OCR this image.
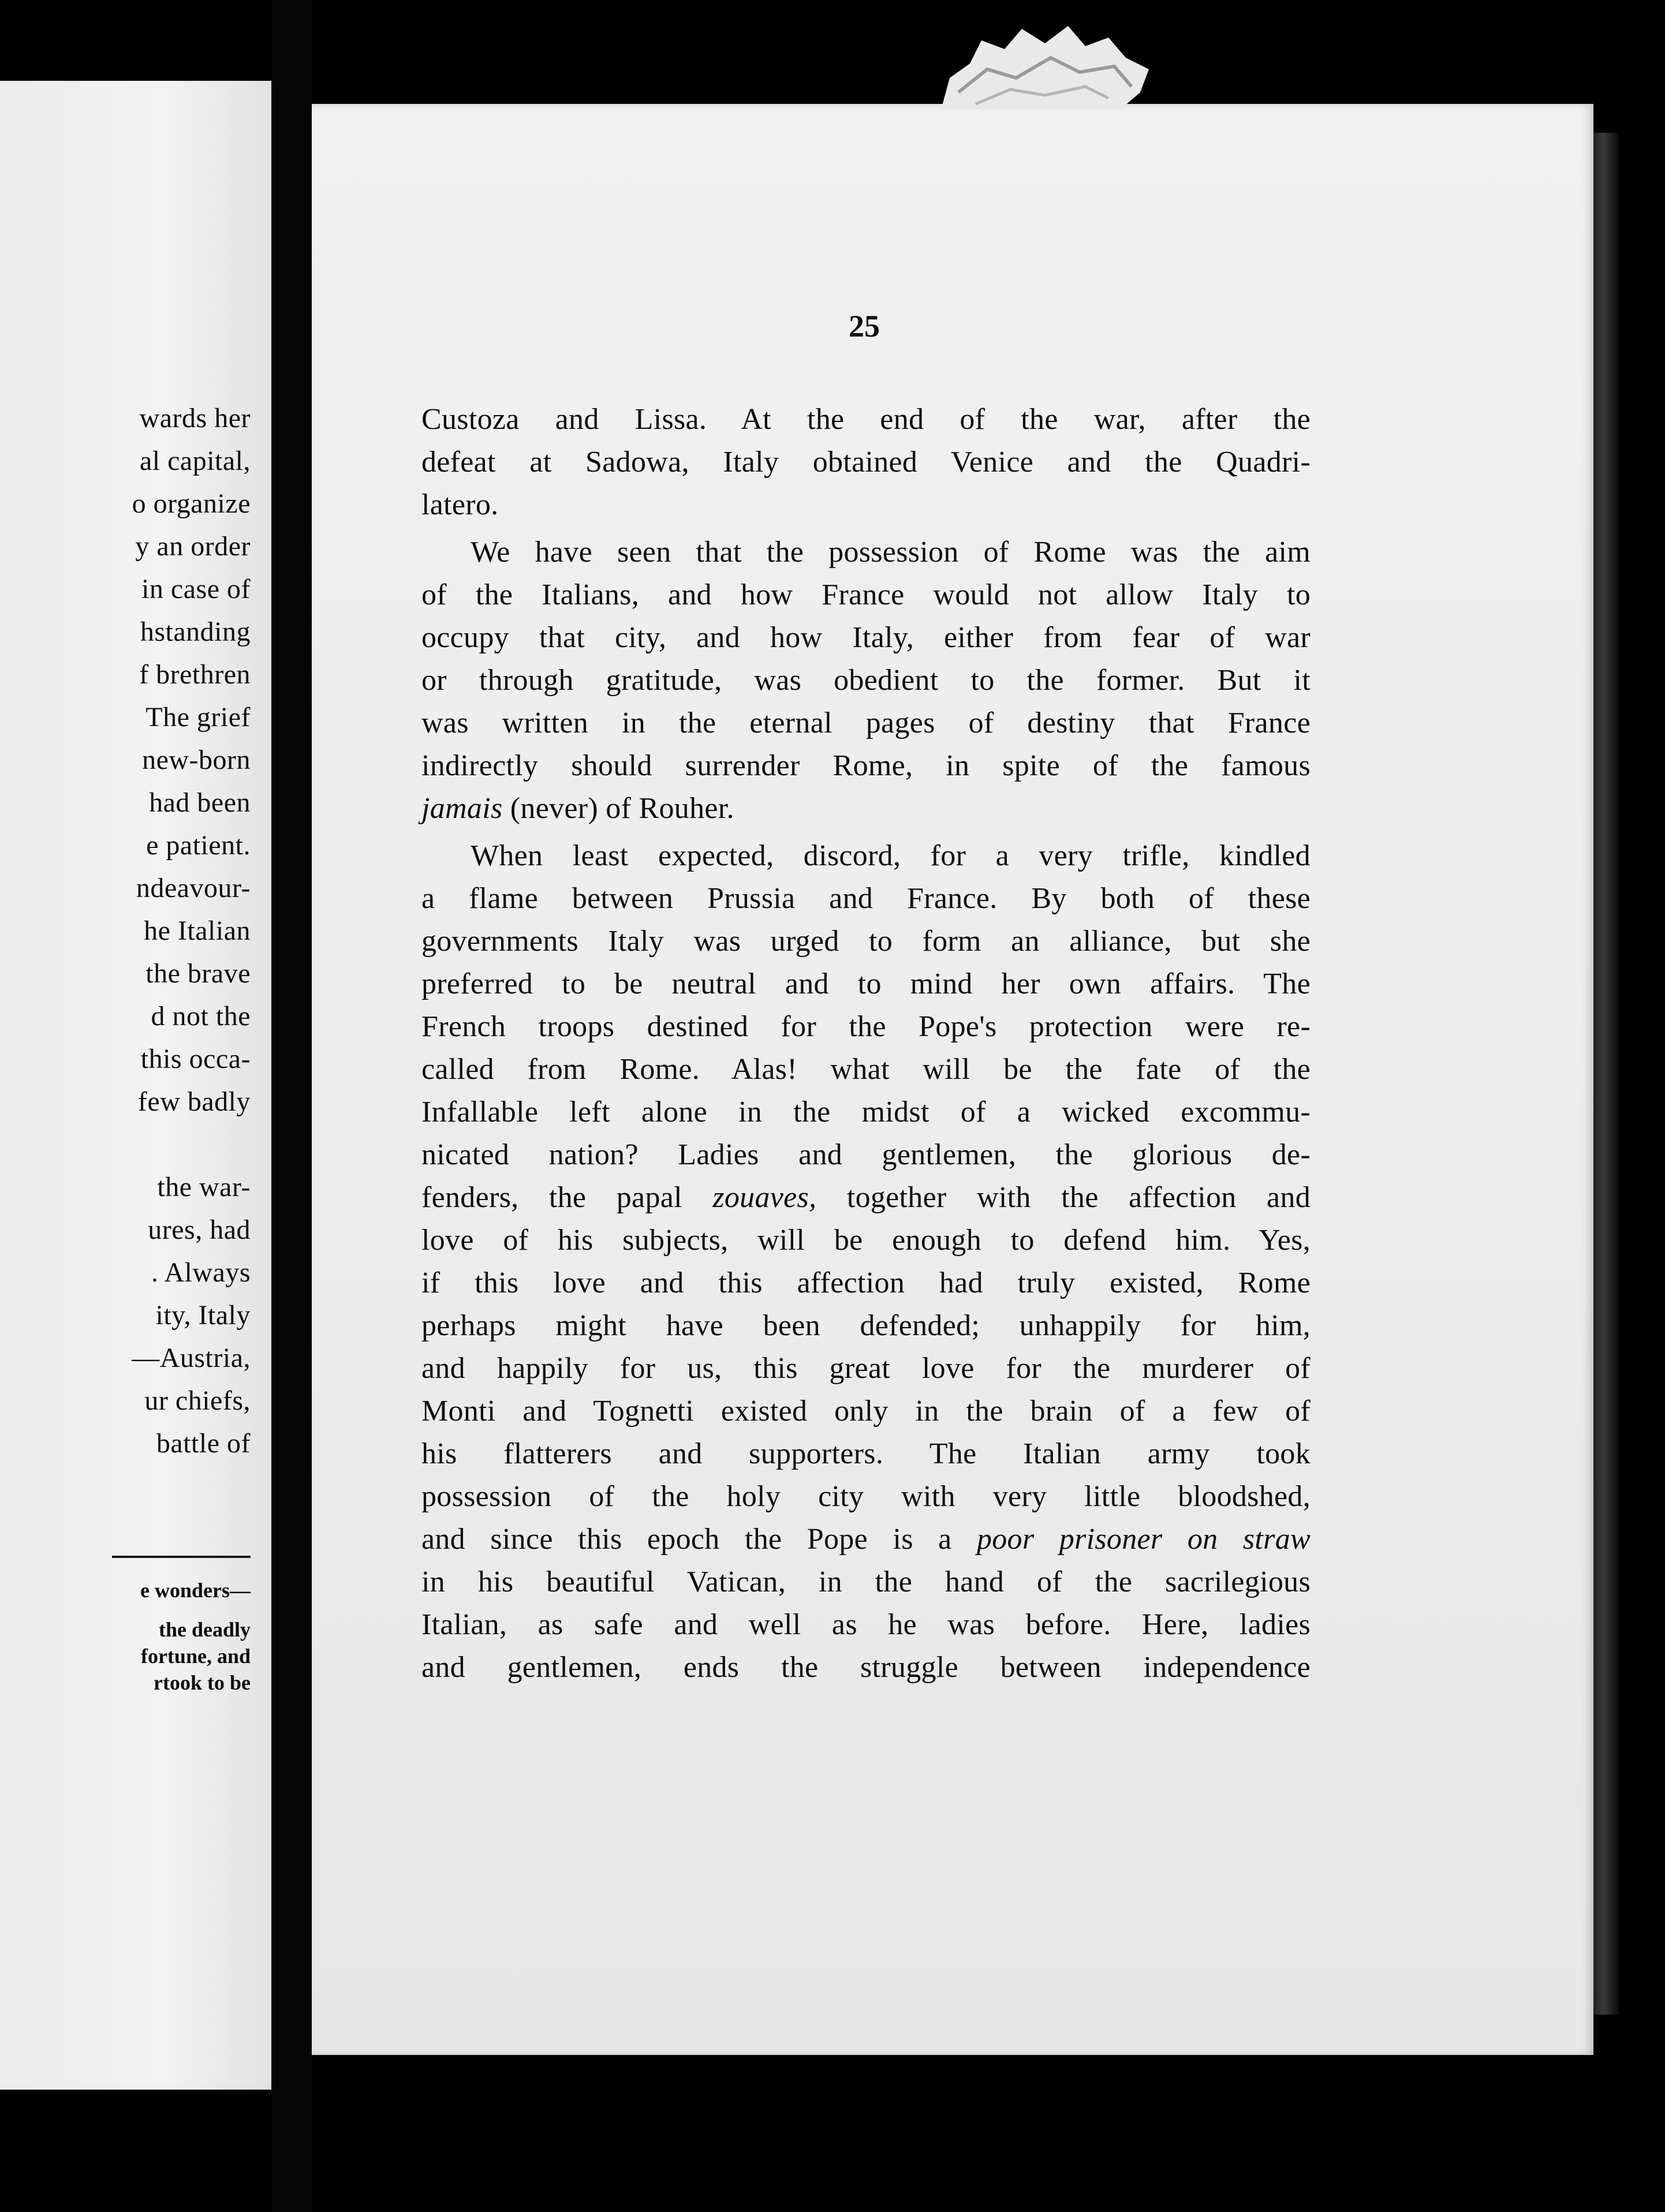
wards her
al capital,
o organize
y an order
in case of
hstanding
f brethren
The grief
new-born
had been
e patient.
ndeavour-
he Italian
the brave
d not the
this occa-
few badly
the war-
ures, had
. Always
ity, Italy
—Austria,
ur chiefs,
battle of
e wonders—
the deadly
fortune, and
rtook to be
25
Custoza and Lissa. At the end of the war, after the
defeat at Sadowa, Italy obtained Venice and the Quadri-
latero.
We have seen that the possession of Rome was the aim
of the Italians, and how France would not allow Italy to
occupy that city, and how Italy, either from fear of war
or through gratitude, was obedient to the former. But it
was written in the eternal pages of destiny that France
indirectly should surrender Rome, in spite of the famous
jamais (never) of Rouher.
When least expected, discord, for a very trifle, kindled
a flame between Prussia and France. By both of these
governments Italy was urged to form an alliance, but she
preferred to be neutral and to mind her own affairs. The
French troops destined for the Pope's protection were re-
called from Rome. Alas! what will be the fate of the
Infallable left alone in the midst of a wicked excommu-
nicated nation? Ladies and gentlemen, the glorious de-
fenders, the papal zouaves, together with the affection and
love of his subjects, will be enough to defend him. Yes,
if this love and this affection had truly existed, Rome
perhaps might have been defended; unhappily for him,
and happily for us, this great love for the murderer of
Monti and Tognetti existed only in the brain of a few of
his flatterers and supporters. The Italian army took
possession of the holy city with very little bloodshed,
and since this epoch the Pope is a poor prisoner on straw
in his beautiful Vatican, in the hand of the sacrilegious
Italian, as safe and well as he was before. Here, ladies
and gentlemen, ends the struggle between independence
